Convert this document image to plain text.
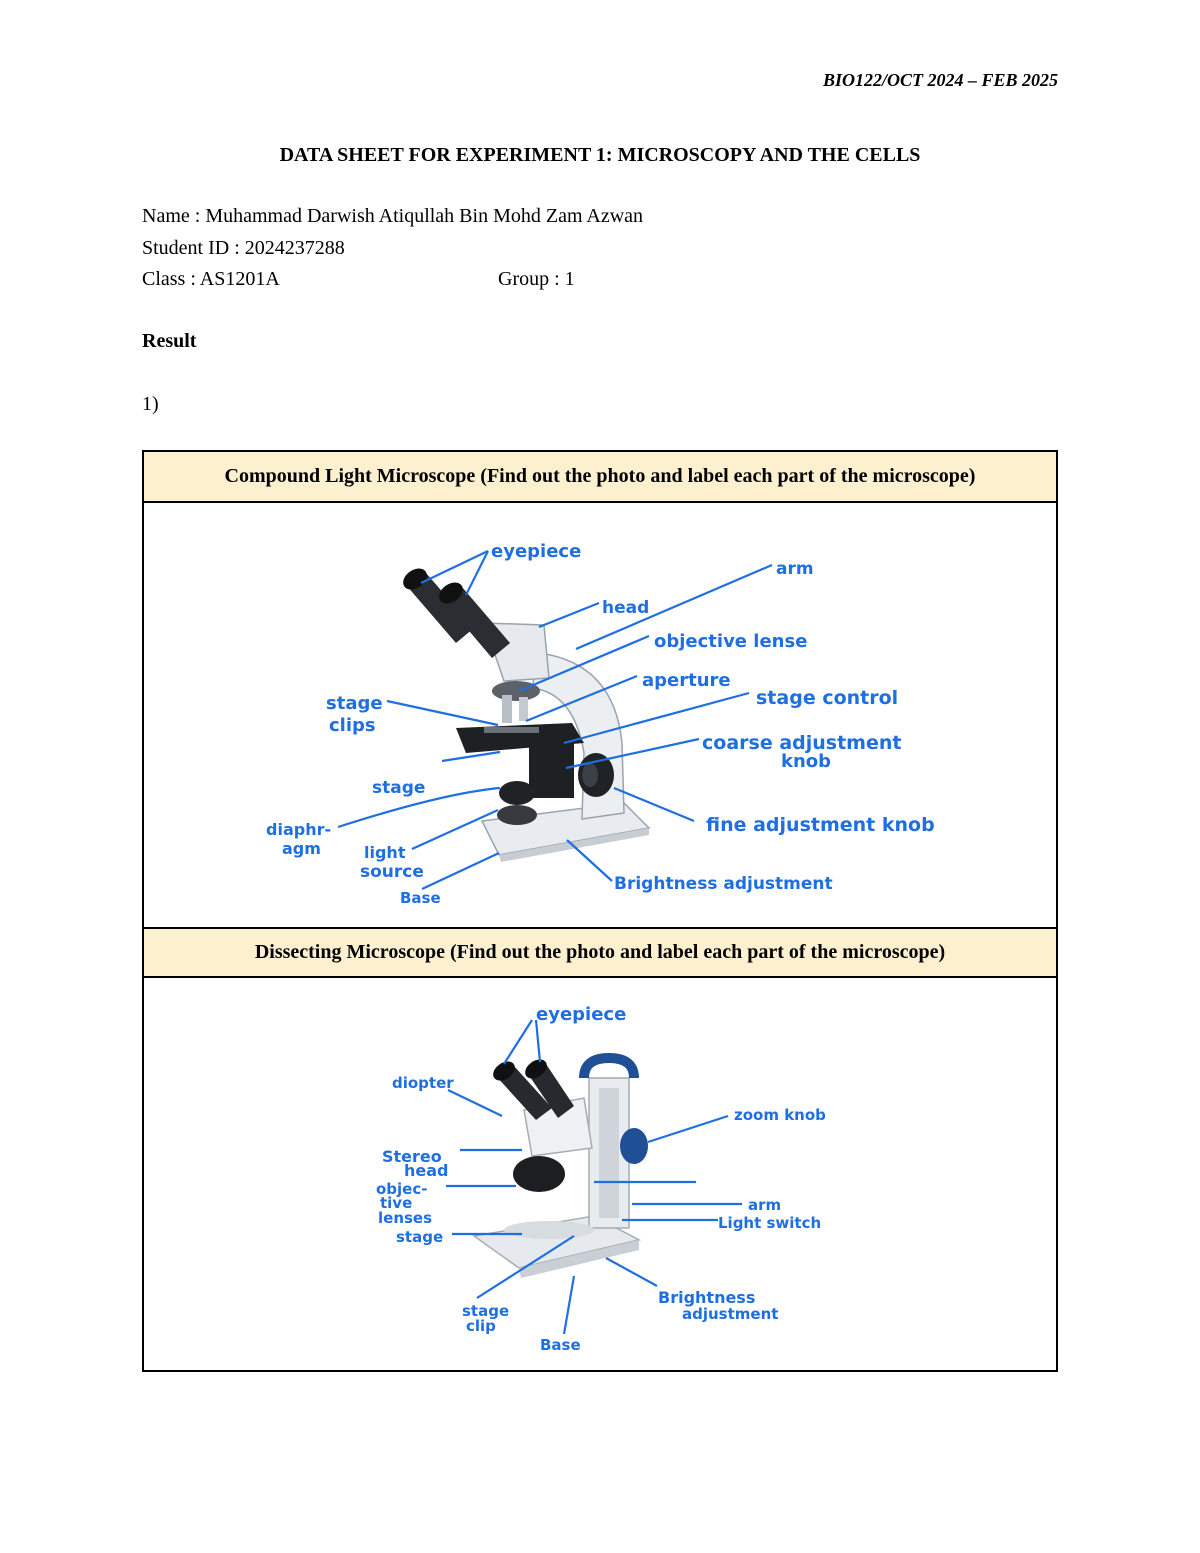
BIO122/OCT 2024 – FEB 2025
DATA SHEET FOR EXPERIMENT 1: MICROSCOPY AND THE CELLS
Name : Muhammad Darwish Atiqullah Bin Mohd Zam Azwan
Student ID : 2024237288
Class : AS1201A	Group : 1
Result
1)
Compound Light Microscope (Find out the photo and label each part of the microscope)
eyepiece
arm
head
objective lense
aperture
stage
clips
stage control
coarse adjustment
knob
stage
diaphr-
agm	light
source
fine adjustment knob
Base
Brightness adjustment
Dissecting Microscope (Find out the photo and label each part of the microscope)
eyepiece
diopter
zoom knob
Stereo
head
objec-
tive
lenses
stage
arm
Light switch
stage
clip
Base
Brightness
adjustment
